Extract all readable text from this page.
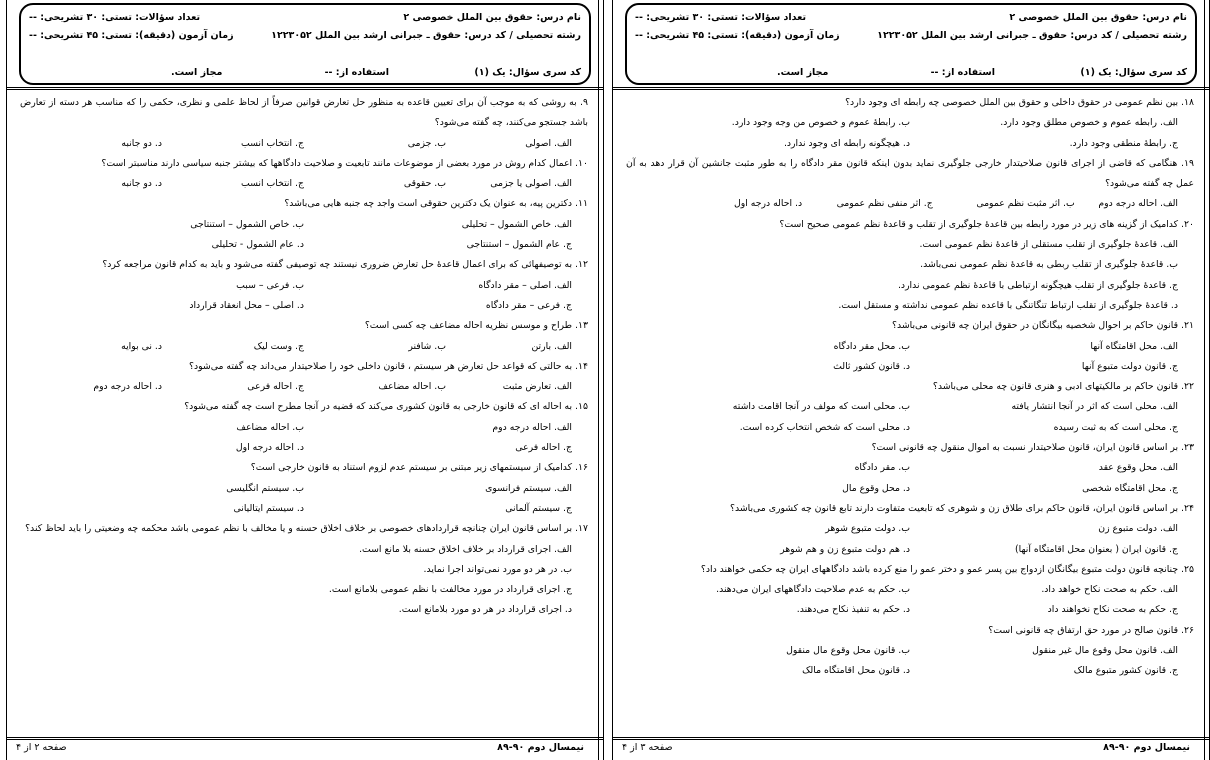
نام درس: حقوق بین الملل خصوصی ۲
تعداد سؤالات: تستی: ۳۰ تشریحی: --
رشته تحصیلی / کد درس: حقوق ـ جبرانی ارشد بین الملل ۱۲۲۳۰۵۲
زمان آزمون (دقیقه): تستی: ۴۵ تشریحی: --
کد سری سؤال: یک (۱)
استفاده از: --
مجاز است.
۱۸. بین نظم عمومی در حقوق داخلی و حقوق بین الملل خصوصی چه رابطه ای وجود دارد؟
الف. رابطه عموم و خصوص مطلق وجود دارد.
ب. رابطهٔ عموم و خصوص من وجه وجود دارد.
ج. رابطهٔ منطقی وجود دارد.
د. هیچگونه رابطه ای وجود ندارد.
۱۹. هنگامی که قاضی از اجرای قانون صلاحیتدار خارجی جلوگیری نماید بدون اینکه قانون مقر دادگاه را به طور مثبت جانشین آن قرار دهد به آن عمل چه گفته می‌شود؟
الف. احاله درجه دوم
ب. اثر مثبت نظم عمومی
ج. اثر منفی نظم عمومی
د. احاله درجه اول
۲۰. کدامیک از گزینه های زیر در مورد رابطه بین قاعدهٔ جلوگیری از تقلب و قاعدهٔ نظم عمومی صحیح است؟
الف. قاعدهٔ جلوگیری از تقلب مستقلی از قاعدهٔ نظم عمومی است.
ب. قاعدهٔ جلوگیری از تقلب ربطی به قاعدهٔ نظم عمومی نمی‌باشد.
ج. قاعدهٔ جلوگیری از تقلب هیچگونه ارتباطی با قاعدهٔ نظم عمومی ندارد.
د. قاعدهٔ جلوگیری از تقلب ارتباط تنگاتنگی با قاعده نظم عمومی نداشته و مستقل است.
۲۱. قانون حاکم بر احوال شخصیه بیگانگان در حقوق ایران چه قانونی می‌باشد؟
الف. محل اقامتگاه آنها
ب. محل مقر دادگاه
ج. قانون دولت متبوع آنها
د. قانون کشور ثالث
۲۲. قانون حاکم بر مالکیتهای ادبی و هنری قانون چه محلی می‌باشد؟
الف. محلی است که اثر در آنجا انتشار یافته
ب. محلی است که مولف در آنجا اقامت داشته
ج. محلی است که به ثبت رسیده
د. محلی است که شخص انتخاب کرده است.
۲۳. بر اساس قانون ایران، قانون صلاحیتدار نسبت به اموال منقول چه قانونی است؟
الف. محل وقوع عقد
ب. مقر دادگاه
ج. محل اقامتگاه شخصی
د. محل وقوع مال
۲۴. بر اساس قانون ایران، قانون حاکم برای طلاق زن و شوهری که تابعیت متفاوت دارند تابع قانون چه کشوری می‌باشد؟
الف. دولت متبوع زن
ب. دولت متبوع شوهر
ج. قانون ایران ( بعنوان محل اقامتگاه آنها)
د. هم دولت متبوع زن و هم شوهر
۲۵. چنانچه قانون دولت متبوع بیگانگان ازدواج بین پسر عمو و دختر عمو را منع کرده باشد دادگاههای ایران چه حکمی خواهند داد؟
الف. حکم به صحت نکاح خواهد داد.
ب. حکم به عدم صلاحیت دادگاههای ایران می‌دهند.
ج. حکم به صحت نکاح نخواهند داد
د. حکم به تنفیذ نکاح می‌دهند.
۲۶. قانون صالح در مورد حق ارتفاق چه قانونی است؟
الف. قانون محل وقوع مال غیر منقول
ب. قانون محل وقوع مال منقول
ج. قانون کشور متبوع مالک
د. قانون محل اقامتگاه مالک
نیمسال دوم ۹۰-۸۹
صفحه ۳ از ۴
نام درس: حقوق بین الملل خصوصی ۲
تعداد سؤالات: تستی: ۳۰ تشریحی: --
رشته تحصیلی / کد درس: حقوق ـ جبرانی ارشد بین الملل ۱۲۲۳۰۵۲
زمان آزمون (دقیقه): تستی: ۴۵ تشریحی: --
کد سری سؤال: یک (۱)
استفاده از: --
مجاز است.
۹. به روشی که به موجب آن برای تعیین قاعده به منظور حل تعارض قوانین صرفاً از لحاظ علمی و نظری، حکمی را که مناسب هر دسته از تعارض باشد جستجو می‌کنند، چه گفته می‌شود؟
الف. اصولی
ب. جزمی
ج. انتخاب انسب
د. دو جانبه
۱۰. اعمال کدام روش در مورد بعضی از موضوعات مانند تابعیت و صلاحیت دادگاهها که بیشتر جنبه سیاسی دارند مناسبتر است؟
الف. اصولی یا جزمی
ب. حقوقی
ج. انتخاب انسب
د. دو جانبه
۱۱. دکترین پیه، به عنوان یک دکترین حقوقی است واجد چه جنبه هایی می‌باشد؟
الف. خاص الشمول – تحلیلی
ب. خاص الشمول – استنتاجی
ج. عام الشمول – استنتاجی
د. عام الشمول - تحلیلی
۱۲. به توصیفهائی که برای اعمال قاعدهٔ حل تعارض ضروری نیستند چه توصیفی گفته می‌شود و باید به کدام قانون مراجعه کرد؟
الف. اصلی – مقر دادگاه
ب. فرعی – سبب
ج. فرعی – مقر دادگاه
د. اصلی – محل انعقاد قرارداد
۱۳. طراح و موسس نظریه احاله مضاعف چه کسی است؟
الف. بارتن
ب. شافنر
ج. وست لیک
د. نی بوایه
۱۴. به حالتی که قواعد حل تعارض هر سیستم ، قانون داخلی خود را صلاحیتدار می‌داند چه گفته می‌شود؟
الف. تعارض مثبت
ب. احاله مضاعف
ج. احاله فرعی
د. احاله درجه دوم
۱۵. به احاله ای که قانون خارجی به قانون کشوری می‌کند که قضیه در آنجا مطرح است چه گفته می‌شود؟
الف. احاله درجه دوم
ب. احاله مضاعف
ج. احاله فرعی
د. احاله درجه اول
۱۶. کدامیک از سیستمهای زیر مبتنی بر سیستم عدم لزوم استناد به قانون خارجی است؟
الف. سیستم فرانسوی
ب. سیستم انگلیسی
ج. سیستم آلمانی
د. سیستم ایتالیانی
۱۷. بر اساس قانون ایران چنانچه قراردادهای خصوصی بر خلاف اخلاق حسنه و یا مخالف با نظم عمومی باشد محکمه چه وضعیتی را باید لحاظ کند؟
الف. اجرای قرارداد بر خلاف اخلاق حسنه بلا مانع است.
ب. در هر دو مورد نمی‌تواند اجرا نماید.
ج. اجرای قرارداد در مورد مخالفت با نظم عمومی بلامانع است.
د. اجرای قرارداد در هر دو مورد بلامانع است.
نیمسال دوم ۹۰-۸۹
صفحه ۲ از ۴
